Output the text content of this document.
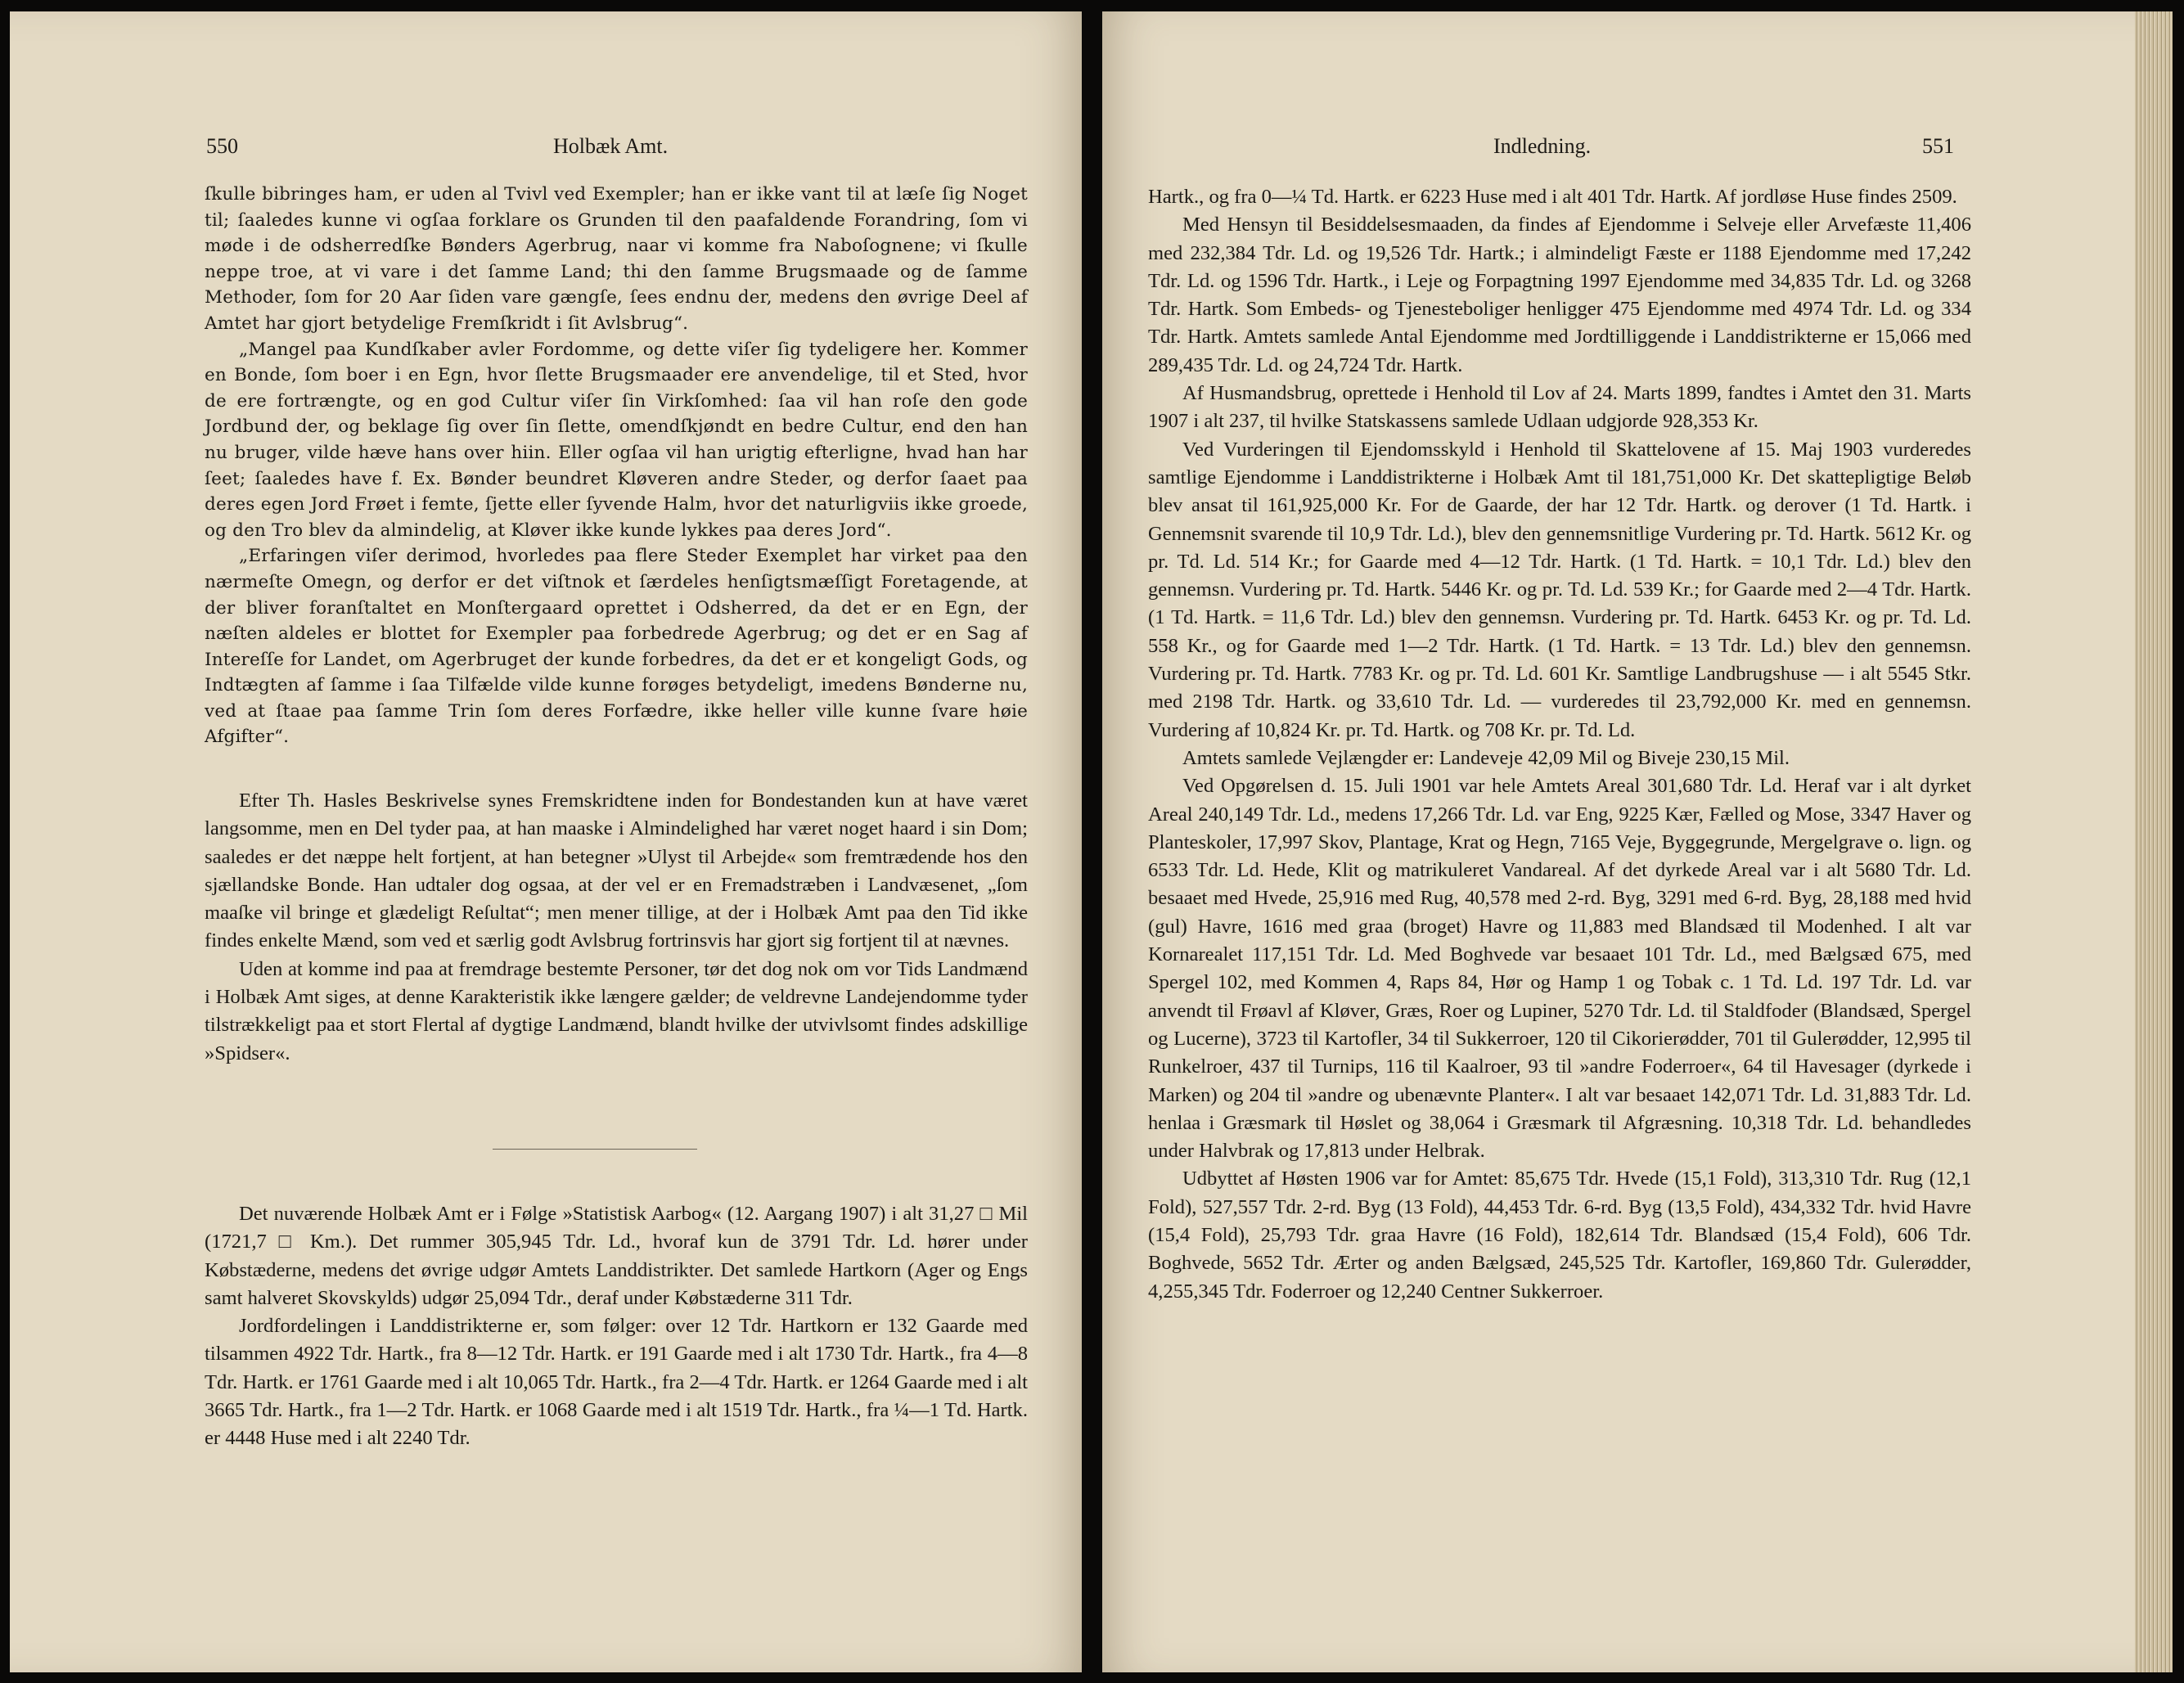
550	Holbæk Amt.

ſkulle bibringes ham, er uden al Tvivl ved Exempler; han er ikke vant til at læſe ſig Noget til; ſaaledes kunne vi ogſaa forklare os Grunden til den paafaldende Forandring, ſom vi møde i de odsherredſke Bønders Agerbrug, naar vi komme fra Naboſognene; vi ſkulle neppe troe, at vi vare i det ſamme Land; thi den ſamme Brugsmaade og de ſamme Methoder, ſom for 20 Aar ſiden vare gængſe, ſees endnu der, medens den øvrige Deel af Amtet har gjort betydelige Fremſkridt i ſit Avlsbrug“.

„Mangel paa Kundſkaber avler Fordomme, og dette viſer ſig tydeligere her. Kommer en Bonde, ſom boer i en Egn, hvor ſlette Brugsmaader ere anvendelige, til et Sted, hvor de ere fortrængte, og en god Cultur viſer ſin Virkſomhed: ſaa vil han roſe den gode Jordbund der, og beklage ſig over ſin ſlette, omendſkjøndt en bedre Cultur, end den han nu bruger, vilde hæve hans over hiin. Eller ogſaa vil han urigtig efterligne, hvad han har ſeet; ſaaledes have f. Ex. Bønder beundret Kløveren andre Steder, og derfor ſaaet paa deres egen Jord Frøet i femte, ſjette eller ſyvende Halm, hvor det naturligviis ikke groede, og den Tro blev da almindelig, at Kløver ikke kunde lykkes paa deres Jord“.

„Erfaringen viſer derimod, hvorledes paa flere Steder Exemplet har virket paa den nærmeſte Omegn, og derfor er det viſtnok et ſærdeles henſigtsmæſſigt Foretagende, at der bliver foranſtaltet en Monſtergaard oprettet i Odsherred, da det er en Egn, der næſten aldeles er blottet for Exempler paa forbedrede Agerbrug; og det er en Sag af Intereſſe for Landet, om Agerbruget der kunde forbedres, da det er et kongeligt Gods, og Indtægten af ſamme i ſaa Tilfælde vilde kunne forøges betydeligt, imedens Bønderne nu, ved at ſtaae paa ſamme Trin ſom deres Forfædre, ikke heller ville kunne ſvare høie Afgifter“.

Efter Th. Hasles Beskrivelse synes Fremskridtene inden for Bondestanden kun at have været langsomme, men en Del tyder paa, at han maaske i Almindelighed har været noget haard i sin Dom; saaledes er det næppe helt fortjent, at han betegner »Ulyst til Arbejde« som fremtrædende hos den sjællandske Bonde. Han udtaler dog ogsaa, at der vel er en Fremadstræben i Landvæsenet, „ſom maaſke vil bringe et glædeligt Reſultat“; men mener tillige, at der i Holbæk Amt paa den Tid ikke findes enkelte Mænd, som ved et særlig godt Avlsbrug fortrinsvis har gjort sig fortjent til at nævnes.

Uden at komme ind paa at fremdrage bestemte Personer, tør det dog nok om vor Tids Landmænd i Holbæk Amt siges, at denne Karakteristik ikke længere gælder; de veldrevne Landejendomme tyder tilstrækkeligt paa et stort Flertal af dygtige Landmænd, blandt hvilke der utvivlsomt findes adskillige »Spidser«.

Det nuværende Holbæk Amt er i Følge »Statistisk Aarbog« (12. Aargang 1907) i alt 31,27 □ Mil (1721,7 □ Km.). Det rummer 305,945 Tdr. Ld., hvoraf kun de 3791 Tdr. Ld. hører under Købstæderne, medens det øvrige udgør Amtets Landdistrikter. Det samlede Hartkorn (Ager og Engs samt halveret Skovskylds) udgør 25,094 Tdr., deraf under Købstæderne 311 Tdr.

Jordfordelingen i Landdistrikterne er, som følger: over 12 Tdr. Hartkorn er 132 Gaarde med tilsammen 4922 Tdr. Hartk., fra 8—12 Tdr. Hartk. er 191 Gaarde med i alt 1730 Tdr. Hartk., fra 4—8 Tdr. Hartk. er 1761 Gaarde med i alt 10,065 Tdr. Hartk., fra 2—4 Tdr. Hartk. er 1264 Gaarde med i alt 3665 Tdr. Hartk., fra 1—2 Tdr. Hartk. er 1068 Gaarde med i alt 1519 Tdr. Hartk., fra ¼—1 Td. Hartk. er 4448 Huse med i alt 2240 Tdr.

Indledning.	551

Hartk., og fra 0—¼ Td. Hartk. er 6223 Huse med i alt 401 Tdr. Hartk. Af jordløse Huse findes 2509.

Med Hensyn til Besiddelsesmaaden, da findes af Ejendomme i Selveje eller Arvefæste 11,406 med 232,384 Tdr. Ld. og 19,526 Tdr. Hartk.; i almindeligt Fæste er 1188 Ejendomme med 17,242 Tdr. Ld. og 1596 Tdr. Hartk., i Leje og Forpagtning 1997 Ejendomme med 34,835 Tdr. Ld. og 3268 Tdr. Hartk. Som Embeds- og Tjenesteboliger henligger 475 Ejendomme med 4974 Tdr. Ld. og 334 Tdr. Hartk. Amtets samlede Antal Ejendomme med Jordtilliggende i Landdistrikterne er 15,066 med 289,435 Tdr. Ld. og 24,724 Tdr. Hartk.

Af Husmandsbrug, oprettede i Henhold til Lov af 24. Marts 1899, fandtes i Amtet den 31. Marts 1907 i alt 237, til hvilke Statskassens samlede Udlaan udgjorde 928,353 Kr.

Ved Vurderingen til Ejendomsskyld i Henhold til Skattelovene af 15. Maj 1903 vurderedes samtlige Ejendomme i Landdistrikterne i Holbæk Amt til 181,751,000 Kr. Det skattepligtige Beløb blev ansat til 161,925,000 Kr. For de Gaarde, der har 12 Tdr. Hartk. og derover (1 Td. Hartk. i Gennemsnit svarende til 10,9 Tdr. Ld.), blev den gennemsnitlige Vurdering pr. Td. Hartk. 5612 Kr. og pr. Td. Ld. 514 Kr.; for Gaarde med 4—12 Tdr. Hartk. (1 Td. Hartk. = 10,1 Tdr. Ld.) blev den gennemsn. Vurdering pr. Td. Hartk. 5446 Kr. og pr. Td. Ld. 539 Kr.; for Gaarde med 2—4 Tdr. Hartk. (1 Td. Hartk. = 11,6 Tdr. Ld.) blev den gennemsn. Vurdering pr. Td. Hartk. 6453 Kr. og pr. Td. Ld. 558 Kr., og for Gaarde med 1—2 Tdr. Hartk. (1 Td. Hartk. = 13 Tdr. Ld.) blev den gennemsn. Vurdering pr. Td. Hartk. 7783 Kr. og pr. Td. Ld. 601 Kr. Samtlige Landbrugshuse — i alt 5545 Stkr. med 2198 Tdr. Hartk. og 33,610 Tdr. Ld. — vurderedes til 23,792,000 Kr. med en gennemsn. Vurdering af 10,824 Kr. pr. Td. Hartk. og 708 Kr. pr. Td. Ld.

Amtets samlede Vejlængder er: Landeveje 42,09 Mil og Biveje 230,15 Mil.

Ved Opgørelsen d. 15. Juli 1901 var hele Amtets Areal 301,680 Tdr. Ld. Heraf var i alt dyrket Areal 240,149 Tdr. Ld., medens 17,266 Tdr. Ld. var Eng, 9225 Kær, Fælled og Mose, 3347 Haver og Planteskoler, 17,997 Skov, Plantage, Krat og Hegn, 7165 Veje, Byggegrunde, Mergelgrave o. lign. og 6533 Tdr. Ld. Hede, Klit og matrikuleret Vandareal. Af det dyrkede Areal var i alt 5680 Tdr. Ld. besaaet med Hvede, 25,916 med Rug, 40,578 med 2-rd. Byg, 3291 med 6-rd. Byg, 28,188 med hvid (gul) Havre, 1616 med graa (broget) Havre og 11,883 med Blandsæd til Modenhed. I alt var Kornarealet 117,151 Tdr. Ld. Med Boghvede var besaaet 101 Tdr. Ld., med Bælgsæd 675, med Spergel 102, med Kommen 4, Raps 84, Hør og Hamp 1 og Tobak c. 1 Td. Ld. 197 Tdr. Ld. var anvendt til Frøavl af Kløver, Græs, Roer og Lupiner, 5270 Tdr. Ld. til Staldfoder (Blandsæd, Spergel og Lucerne), 3723 til Kartofler, 34 til Sukkerroer, 120 til Cikorierødder, 701 til Gulerødder, 12,995 til Runkelroer, 437 til Turnips, 116 til Kaalroer, 93 til »andre Foderroer«, 64 til Havesager (dyrkede i Marken) og 204 til »andre og ubenævnte Planter«. I alt var besaaet 142,071 Tdr. Ld. 31,883 Tdr. Ld. henlaa i Græsmark til Høslet og 38,064 i Græsmark til Afgræsning. 10,318 Tdr. Ld. behandledes under Halvbrak og 17,813 under Helbrak.

Udbyttet af Høsten 1906 var for Amtet: 85,675 Tdr. Hvede (15,1 Fold), 313,310 Tdr. Rug (12,1 Fold), 527,557 Tdr. 2-rd. Byg (13 Fold), 44,453 Tdr. 6-rd. Byg (13,5 Fold), 434,332 Tdr. hvid Havre (15,4 Fold), 25,793 Tdr. graa Havre (16 Fold), 182,614 Tdr. Blandsæd (15,4 Fold), 606 Tdr. Boghvede, 5652 Tdr. Ærter og anden Bælgsæd, 245,525 Tdr. Kartofler, 169,860 Tdr. Gulerødder, 4,255,345 Tdr. Foderroer og 12,240 Centner Sukkerroer.
